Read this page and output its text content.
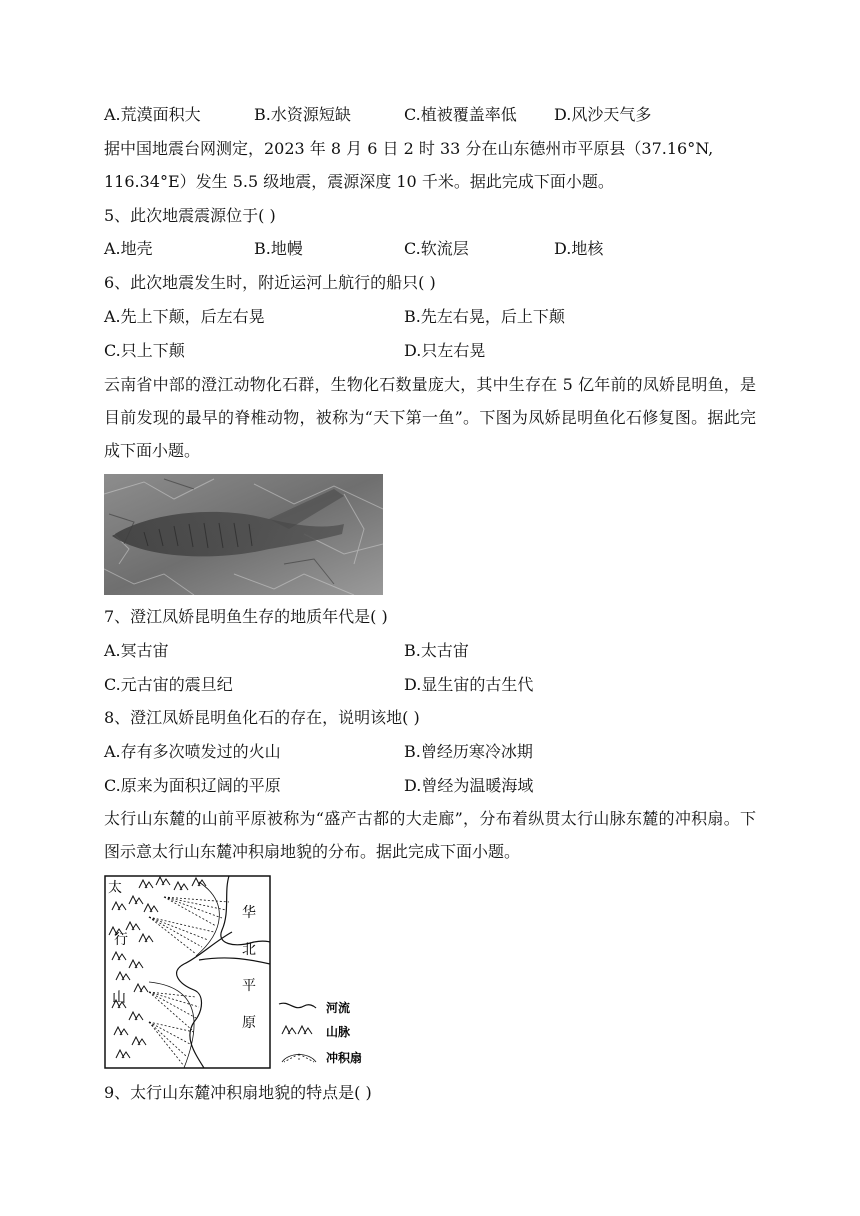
A.荒漠面积大	B.水资源短缺	C.植被覆盖率低 D.风沙天气多
据中国地震台网测定，2023 年 8 月 6 日 2 时 33 分在山东德州市平原县（37.16°N,
116.34°E）发生 5.5 级地震，震源深度 10 千米。据此完成下面小题。
5、此次地震震源位于( )
A.地壳	B.地幔	C.软流层	D.地核
6、此次地震发生时，附近运河上航行的船只( )
A.先上下颠，后左右晃	B.先左右晃，后上下颠
C.只上下颠	D.只左右晃
云南省中部的澄江动物化石群，生物化石数量庞大，其中生存在 5 亿年前的凤娇昆明鱼，是目前发现的最早的脊椎动物，被称为“天下第一鱼”。下图为凤娇昆明鱼化石修复图。据此完成下面小题。
7、澄江凤娇昆明鱼生存的地质年代是( )
A.冥古宙	B.太古宙
C.元古宙的震旦纪	D.显生宙的古生代
8、澄江凤娇昆明鱼化石的存在，说明该地( )
A.存有多次喷发过的火山	B.曾经历寒冷冰期
C.原来为面积辽阔的平原	D.曾经为温暖海域
太行山东麓的山前平原被称为“盛产古都的大走廊”，分布着纵贯太行山脉东麓的冲积扇。下图示意太行山东麓冲积扇地貌的分布。据此完成下面小题。
太
行
山
华
北
平
原
河流
山脉
冲积扇
9、太行山东麓冲积扇地貌的特点是( )
